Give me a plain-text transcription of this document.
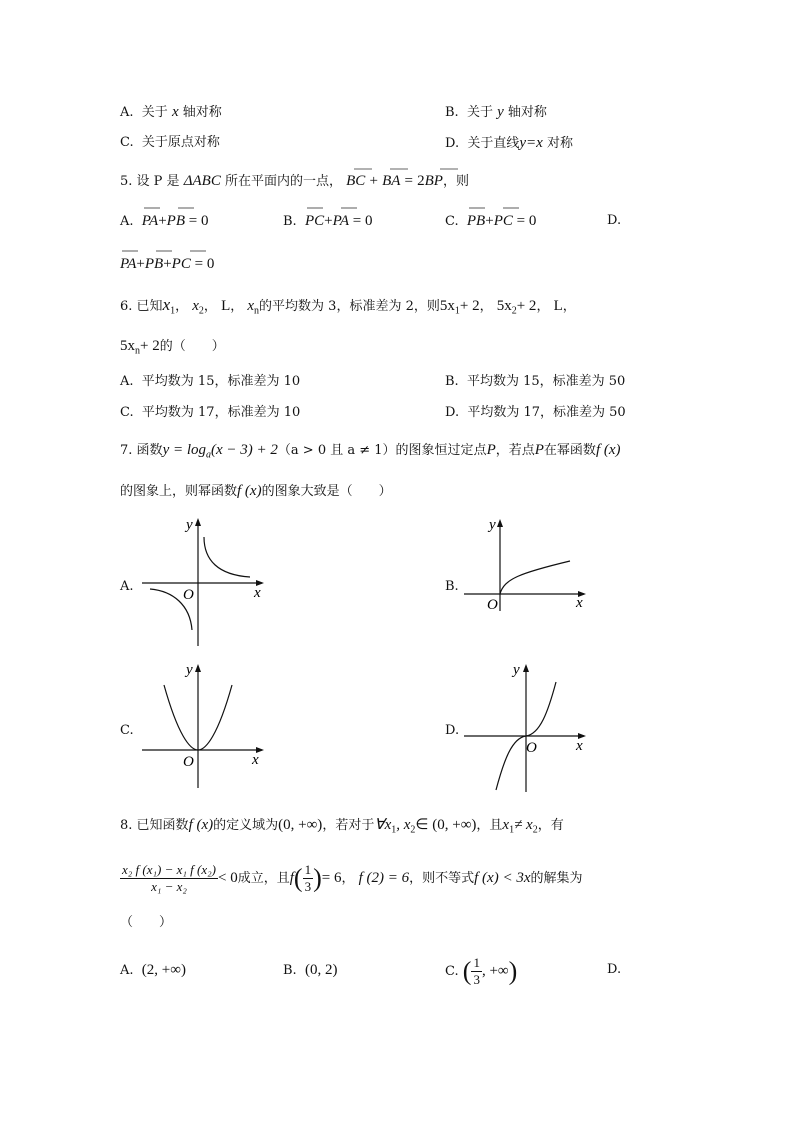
A. 关于 x 轴对称	B. 关于 y 轴对称
C. 关于原点对称	D. 关于直线y=x 对称
5. 设 P 是 ΔABC 所在平面内的一点， BC + BA = 2BP，则
A. PA+PB = 0	B. PC+PA = 0	C. PB+PC = 0	D.
PA+PB+PC = 0
6. 已知$x_1$， $x_2$， L， $x_n$的平均数为 3，标准差为 2，则$5x_1+ 2$， $5x_2+ 2$， L，
$5x_n+ 2$的（　　）
A. 平均数为 15，标准差为 10	B. 平均数为 15，标准差为 50
C. 平均数为 17，标准差为 10	D. 平均数为 17，标准差为 50
7. 函数$y = \log_a(x - 3) + 2(a > 0$ 且 a ≠ 1）的图象恒过定点P，若点P在幂函数f (x)
的图象上，则幂函数f (x)的图象大致是（　　）
A.
y
x
O
B.
y
x
O
C.
y
x
O
D.
y
x
O
8. 已知函数f (x)的定义域为(0, +∞)，若对于$\forall x_1$, $x_2\in$ (0, +∞)，且$x_1\ne x_2$，有
$\frac{\text{x₂ f (x₁) − x₁ f (x₂)}}{\text{x₁ − x₂}} < 0$成立，且$f( \frac{1}{3}$ )= 6， f (2) = 6，则不等式f (x) < 3x的解集为
（　　）
A. (2, +∞)	B. (0, 2)	C. ( $\frac{1}{3}$ , +∞)	D.
